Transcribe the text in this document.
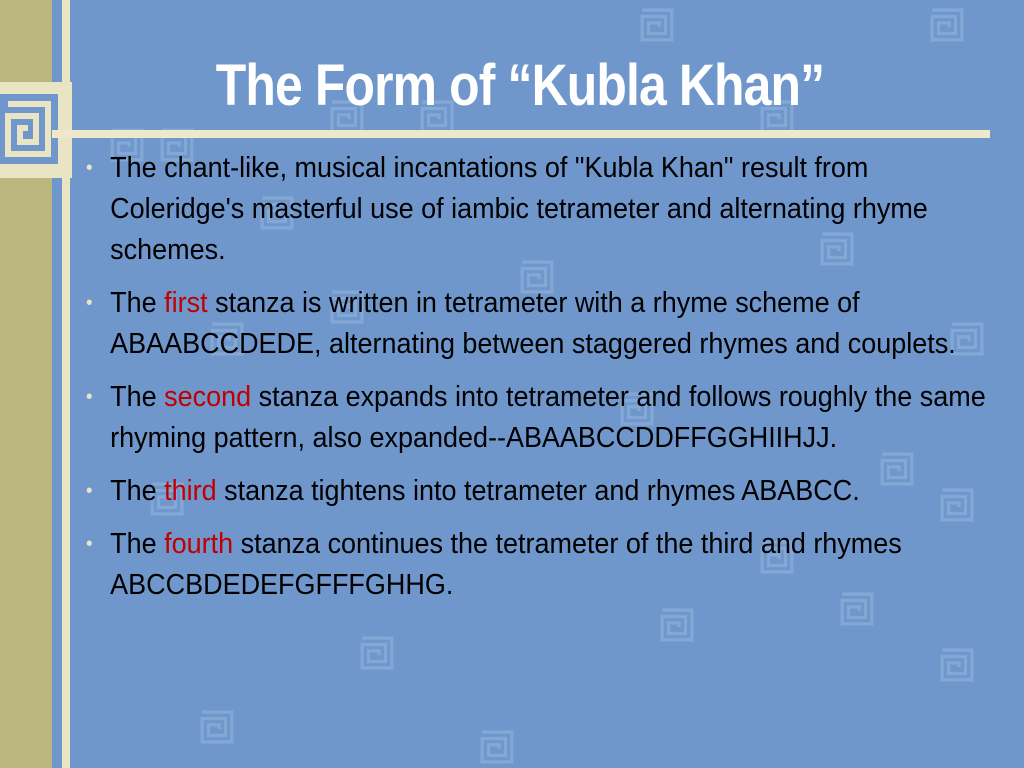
The Form of “Kubla Khan”
• The chant-like, musical incantations of "Kubla Khan" result from Coleridge's masterful use of iambic tetrameter and alternating rhyme schemes.
• The first stanza is written in tetrameter with a rhyme scheme of ABAABCCDEDE, alternating between staggered rhymes and couplets.
• The second stanza expands into tetrameter and follows roughly the same rhyming pattern, also expanded--ABAABCCDDFFGGHIIHJJ.
• The third stanza tightens into tetrameter and rhymes ABABCC.
• The fourth stanza continues the tetrameter of the third and rhymes ABCCBDEDEFGFFFGHHG.
